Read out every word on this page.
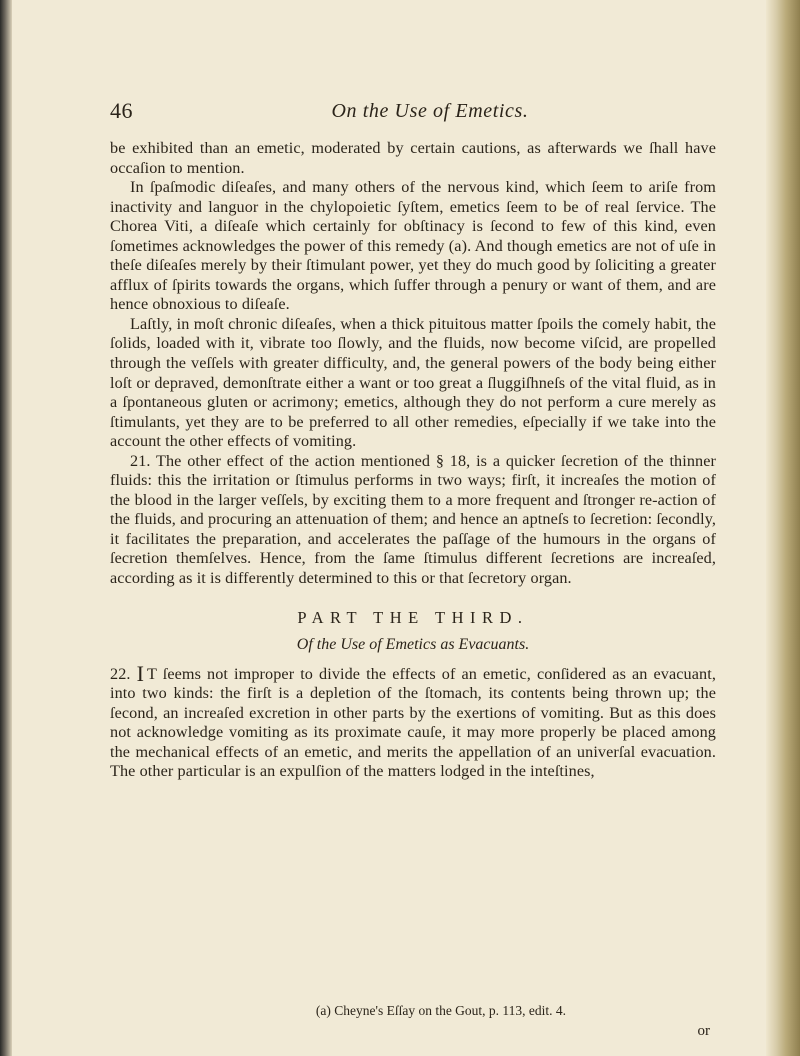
46	On the Use of Emetics.

be exhibited than an emetic, moderated by certain cautions, as afterwards we ſhall have occaſion to mention.

In ſpaſmodic diſeaſes, and many others of the nervous kind, which ſeem to ariſe from inactivity and languor in the chylopoietic ſyſtem, emetics ſeem to be of real ſervice. The Chorea Viti, a diſeaſe which certainly for obſtinacy is ſecond to few of this kind, even ſometimes acknowledges the power of this remedy (a). And though emetics are not of uſe in theſe diſeaſes merely by their ſtimulant power, yet they do much good by ſoliciting a greater afflux of ſpirits towards the organs, which ſuffer through a penury or want of them, and are hence obnoxious to diſeaſe.

Laſtly, in moſt chronic diſeaſes, when a thick pituitous matter ſpoils the comely habit, the ſolids, loaded with it, vibrate too ſlowly, and the fluids, now become viſcid, are propelled through the veſſels with greater difficulty, and, the general powers of the body being either loſt or depraved, demonſtrate either a want or too great a ſluggiſhneſs of the vital fluid, as in a ſpontaneous gluten or acrimony; emetics, although they do not perform a cure merely as ſtimulants, yet they are to be preferred to all other remedies, eſpecially if we take into the account the other effects of vomiting.

21. The other effect of the action mentioned § 18, is a quicker ſecretion of the thinner fluids: this the irritation or ſtimulus performs in two ways; firſt, it increaſes the motion of the blood in the larger veſſels, by exciting them to a more frequent and ſtronger re-action of the fluids, and procuring an attenuation of them; and hence an aptneſs to ſecretion: ſecondly, it facilitates the preparation, and accelerates the paſſage of the humours in the organs of ſecretion themſelves. Hence, from the ſame ſtimulus different ſecretions are increaſed, according as it is differently determined to this or that ſecretory organ.

PART THE THIRD.
Of the Use of Emetics as Evacuants.

22. I T ſeems not improper to divide the effects of an emetic, conſidered as an evacuant, into two kinds: the firſt is a depletion of the ſtomach, its contents being thrown up; the ſecond, an increaſed excretion in other parts by the exertions of vomiting. But as this does not acknowledge vomiting as its proximate cauſe, it may more properly be placed among the mechanical effects of an emetic, and merits the appellation of an univerſal evacuation. The other particular is an expulſion of the matters lodged in the inteſtines,

(a) Cheyne's Eſſay on the Gout, p. 113, edit. 4.
or
